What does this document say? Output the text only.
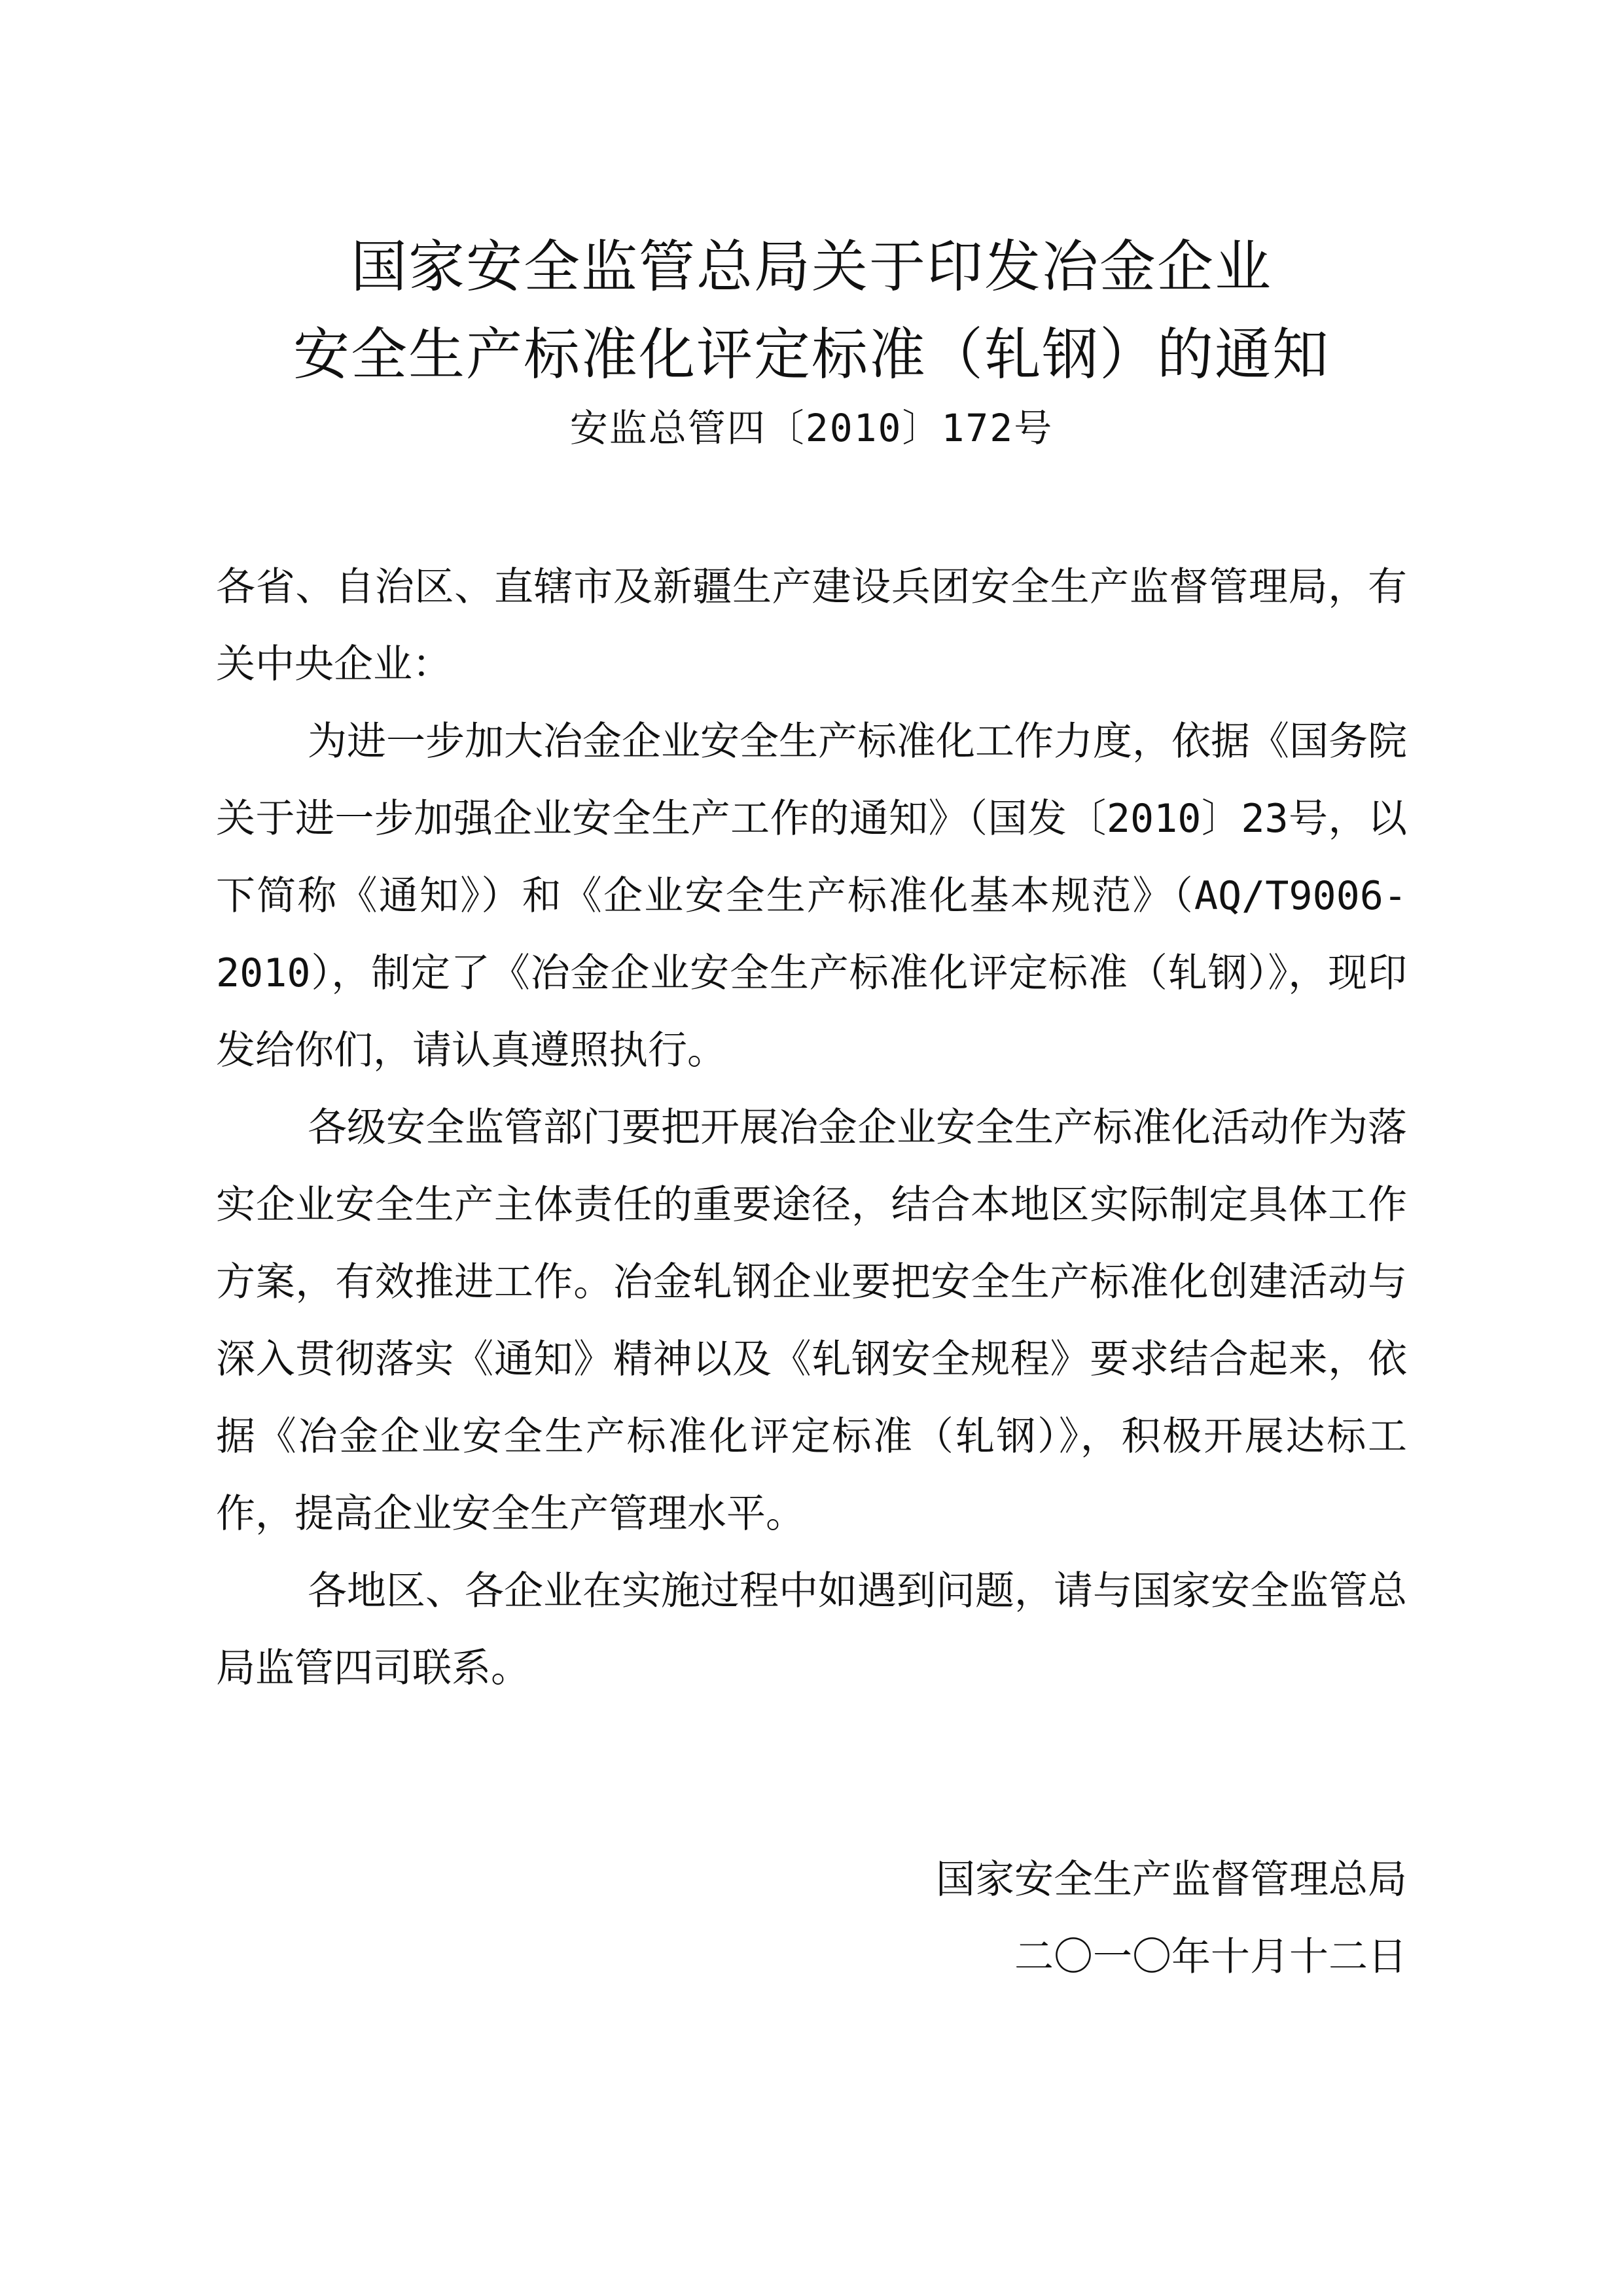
国家安全监管总局关于印发冶金企业
安全生产标准化评定标准（轧钢）的通知
安监总管四〔2010〕172号

各省、自治区、直辖市及新疆生产建设兵团安全生产监督管理局，有关中央企业：

为进一步加大冶金企业安全生产标准化工作力度，依据《国务院关于进一步加强企业安全生产工作的通知》（国发〔2010〕23号，以下简称《通知》）和《企业安全生产标准化基本规范》（AQ/T9006-2010），制定了《冶金企业安全生产标准化评定标准（轧钢）》，现印发给你们，请认真遵照执行。

各级安全监管部门要把开展冶金企业安全生产标准化活动作为落实企业安全生产主体责任的重要途径，结合本地区实际制定具体工作方案，有效推进工作。冶金轧钢企业要把安全生产标准化创建活动与深入贯彻落实《通知》精神以及《轧钢安全规程》要求结合起来，依据《冶金企业安全生产标准化评定标准（轧钢）》，积极开展达标工作，提高企业安全生产管理水平。

各地区、各企业在实施过程中如遇到问题，请与国家安全监管总局监管四司联系。

国家安全生产监督管理总局
二〇一〇年十月十二日
